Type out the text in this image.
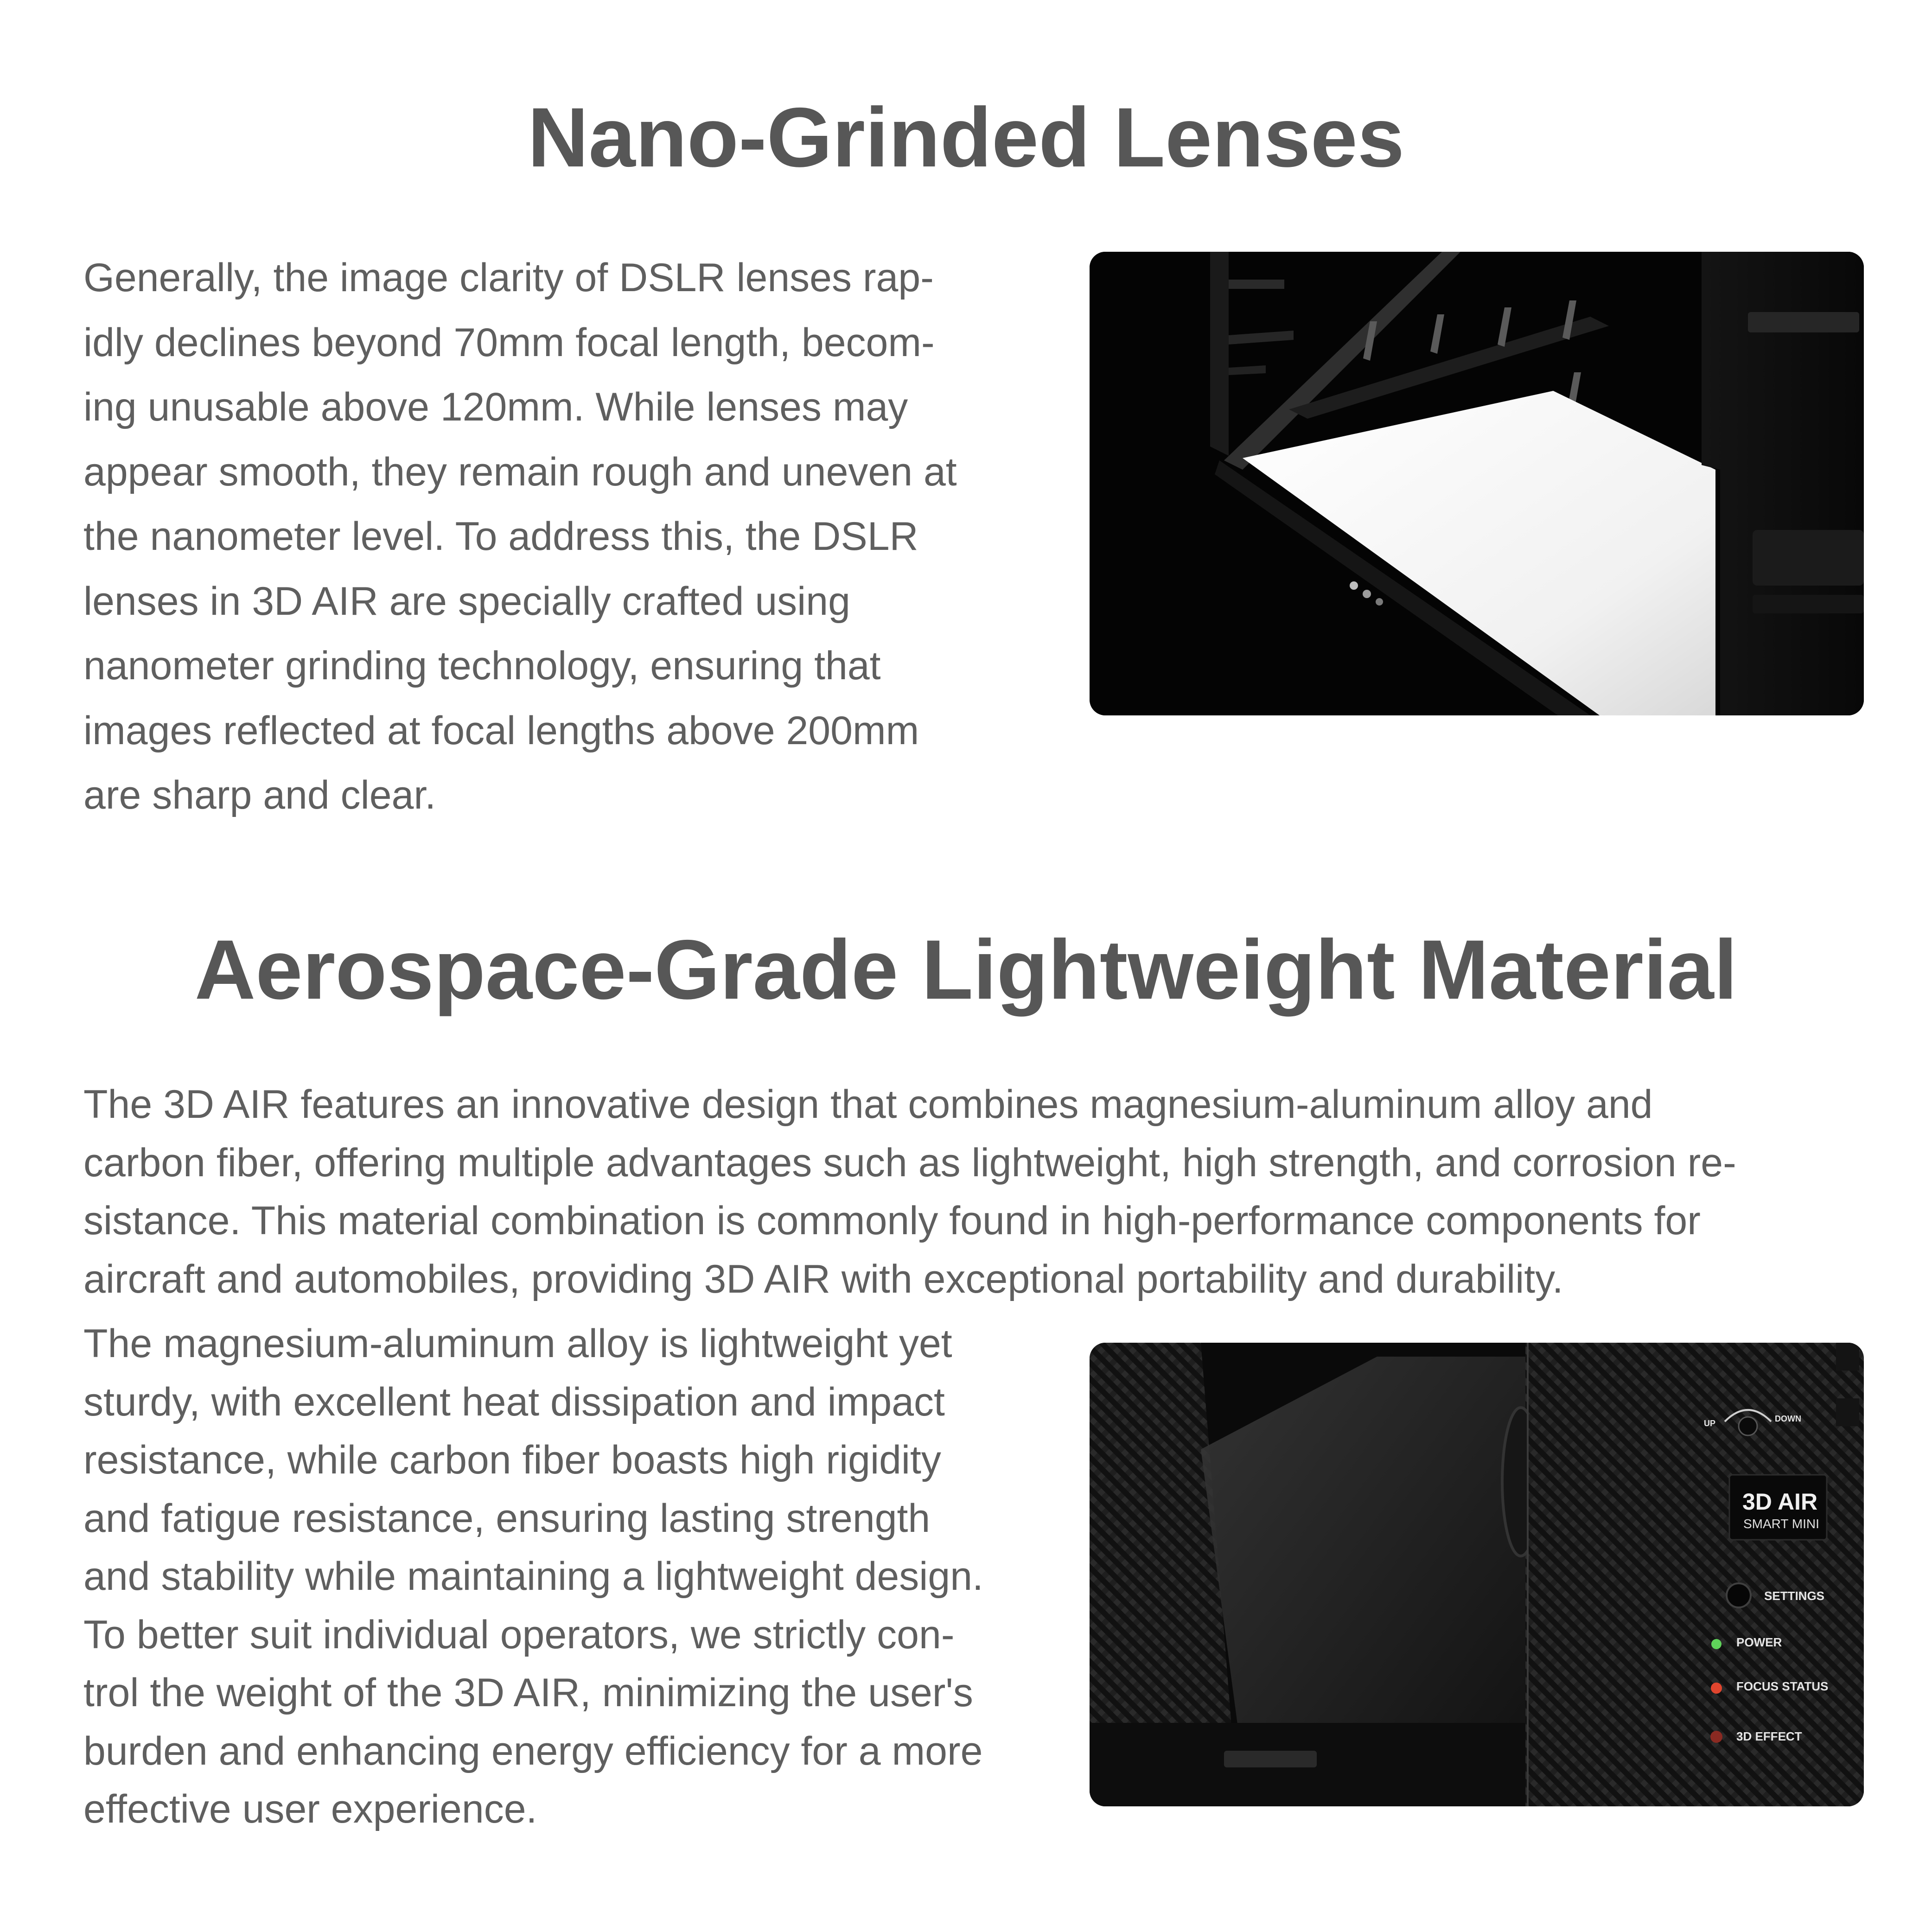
Nano-Grinded Lenses

Generally, the image clarity of DSLR lenses rap-
idly declines beyond 70mm focal length, becom-
ing unusable above 120mm. While lenses may
appear smooth, they remain rough and uneven at
the nanometer level. To address this, the DSLR
lenses in 3D AIR are specially crafted using
nanometer grinding technology, ensuring that
images reflected at focal lengths above 200mm
are sharp and clear.

Aerospace-Grade Lightweight Material

The 3D AIR features an innovative design that combines magnesium-aluminum alloy and
carbon fiber, offering multiple advantages such as lightweight, high strength, and corrosion re-
sistance. This material combination is commonly found in high-performance components for
aircraft and automobiles, providing 3D AIR with exceptional portability and durability.

The magnesium-aluminum alloy is lightweight yet
sturdy, with excellent heat dissipation and impact
resistance, while carbon fiber boasts high rigidity
and fatigue resistance, ensuring lasting strength
and stability while maintaining a lightweight design.
To better suit individual operators, we strictly con-
trol the weight of the 3D AIR, minimizing the user's
burden and enhancing energy efficiency for a more
effective user experience.

UP	DOWN
3D AIR
SMART MINI
SETTINGS
POWER
FOCUS STATUS
3D EFFECT
